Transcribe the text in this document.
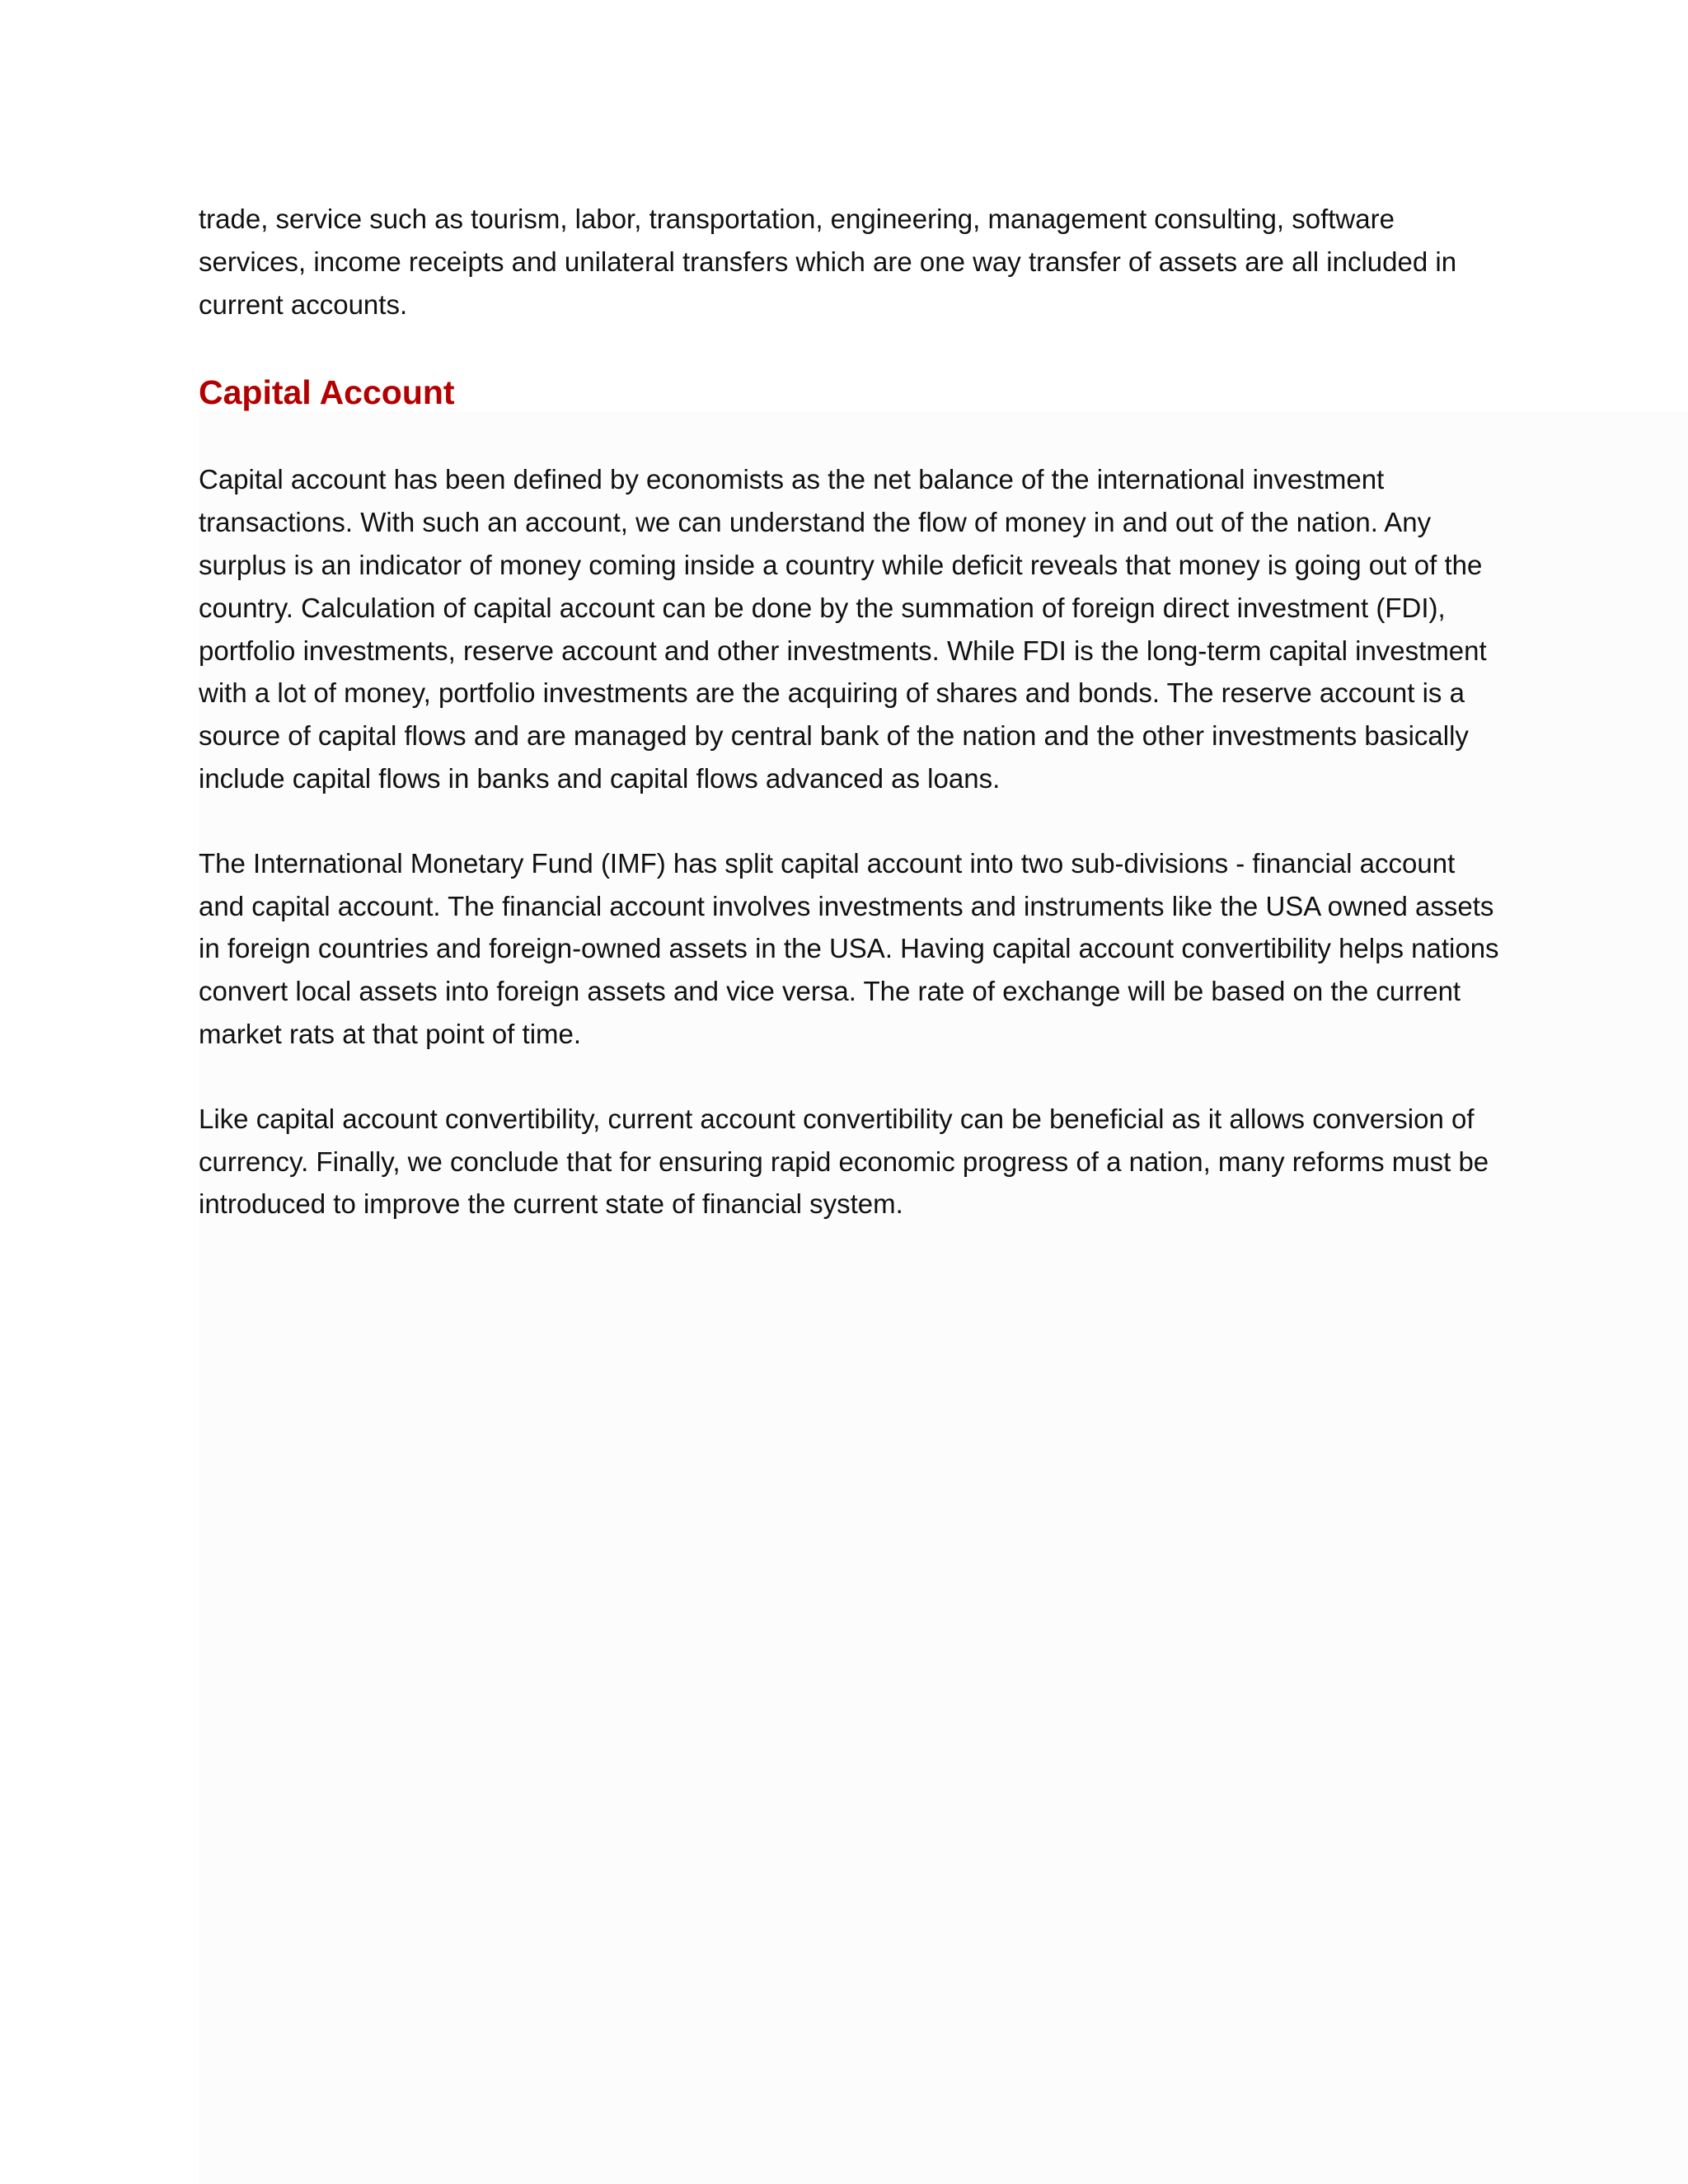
trade, service such as tourism, labor, transportation, engineering, management consulting, software services, income receipts and unilateral transfers which are one way transfer of assets are all included in current accounts.

Capital Account

Capital account has been defined by economists as the net balance of the international investment transactions. With such an account, we can understand the flow of money in and out of the nation. Any surplus is an indicator of money coming inside a country while deficit reveals that money is going out of the country. Calculation of capital account can be done by the summation of foreign direct investment (FDI), portfolio investments, reserve account and other investments. While FDI is the long-term capital investment with a lot of money, portfolio investments are the acquiring of shares and bonds. The reserve account is a source of capital flows and are managed by central bank of the nation and the other investments basically include capital flows in banks and capital flows advanced as loans.

The International Monetary Fund (IMF) has split capital account into two sub-divisions - financial account and capital account. The financial account involves investments and instruments like the USA owned assets in foreign countries and foreign-owned assets in the USA. Having capital account convertibility helps nations convert local assets into foreign assets and vice versa. The rate of exchange will be based on the current market rats at that point of time.

Like capital account convertibility, current account convertibility can be beneficial as it allows conversion of currency. Finally, we conclude that for ensuring rapid economic progress of a nation, many reforms must be introduced to improve the current state of financial system.
